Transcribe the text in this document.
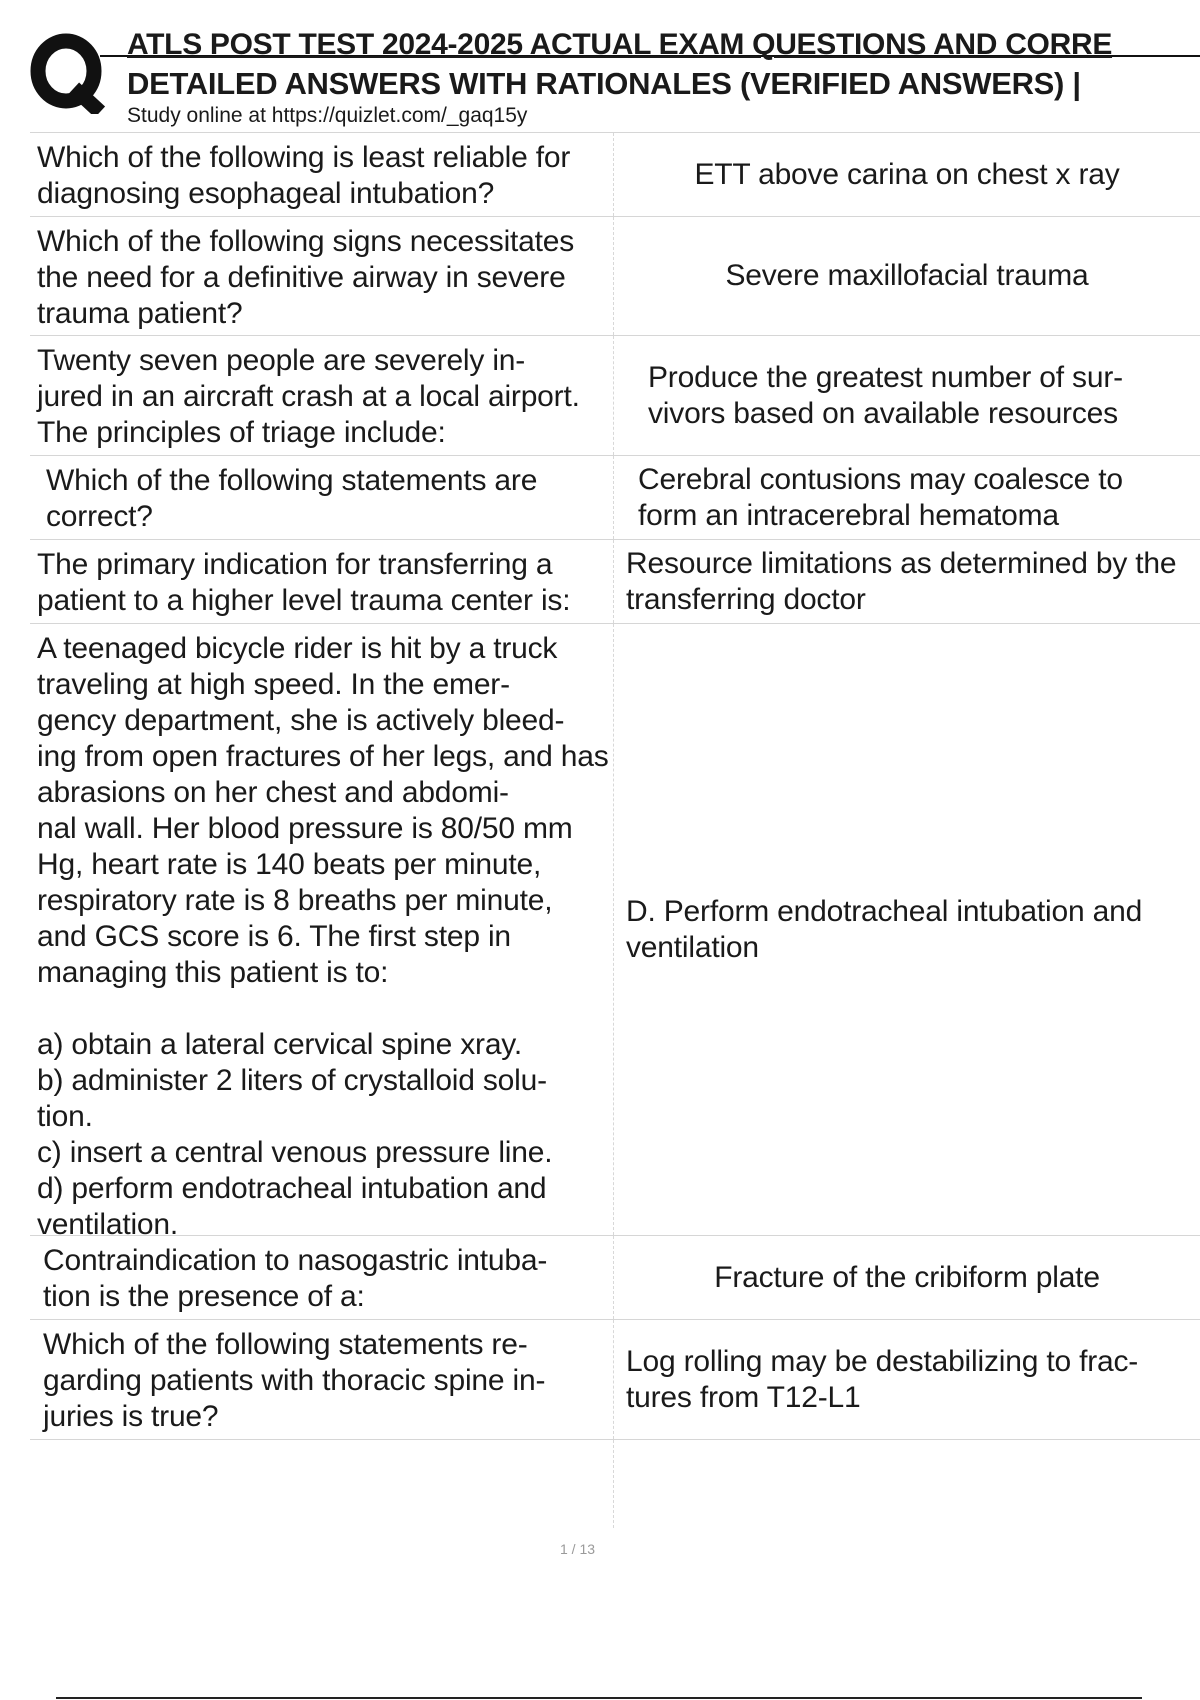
ATLS POST TEST 2024-2025 ACTUAL EXAM QUESTIONS AND CORRE
DETAILED ANSWERS WITH RATIONALES (VERIFIED ANSWERS) |
Study online at https://quizlet.com/_gaq15y
Which of the following is least reliable for diagnosing esophageal intubation?
ETT above carina on chest x ray
Which of the following signs necessitates the need for a definitive airway in severe trauma patient?
Severe maxillofacial trauma
Twenty seven people are severely in-
jured in an aircraft crash at a local airport. The principles of triage include:
Produce the greatest number of sur-
vivors based on available resources
Which of the following statements are correct?
Cerebral contusions may coalesce to form an intracerebral hematoma
The primary indication for transferring a patient to a higher level trauma center is:
Resource limitations as determined by the transferring doctor
A teenaged bicycle rider is hit by a truck traveling at high speed. In the emer-
gency department, she is actively bleed-
ing from open fractures of her legs, and has abrasions on her chest and abdomi-
nal wall. Her blood pressure is 80/50 mm Hg, heart rate is 140 beats per minute, respiratory rate is 8 breaths per minute, and GCS score is 6. The first step in managing this patient is to:

a) obtain a lateral cervical spine xray.
b) administer 2 liters of crystalloid solu-
tion.
c) insert a central venous pressure line.
d) perform endotracheal intubation and ventilation.
D. Perform endotracheal intubation and ventilation
Contraindication to nasogastric intuba-
tion is the presence of a:
Fracture of the cribiform plate
Which of the following statements re-
garding patients with thoracic spine in-
juries is true?
Log rolling may be destabilizing to frac-
tures from T12-L1
1 / 13
